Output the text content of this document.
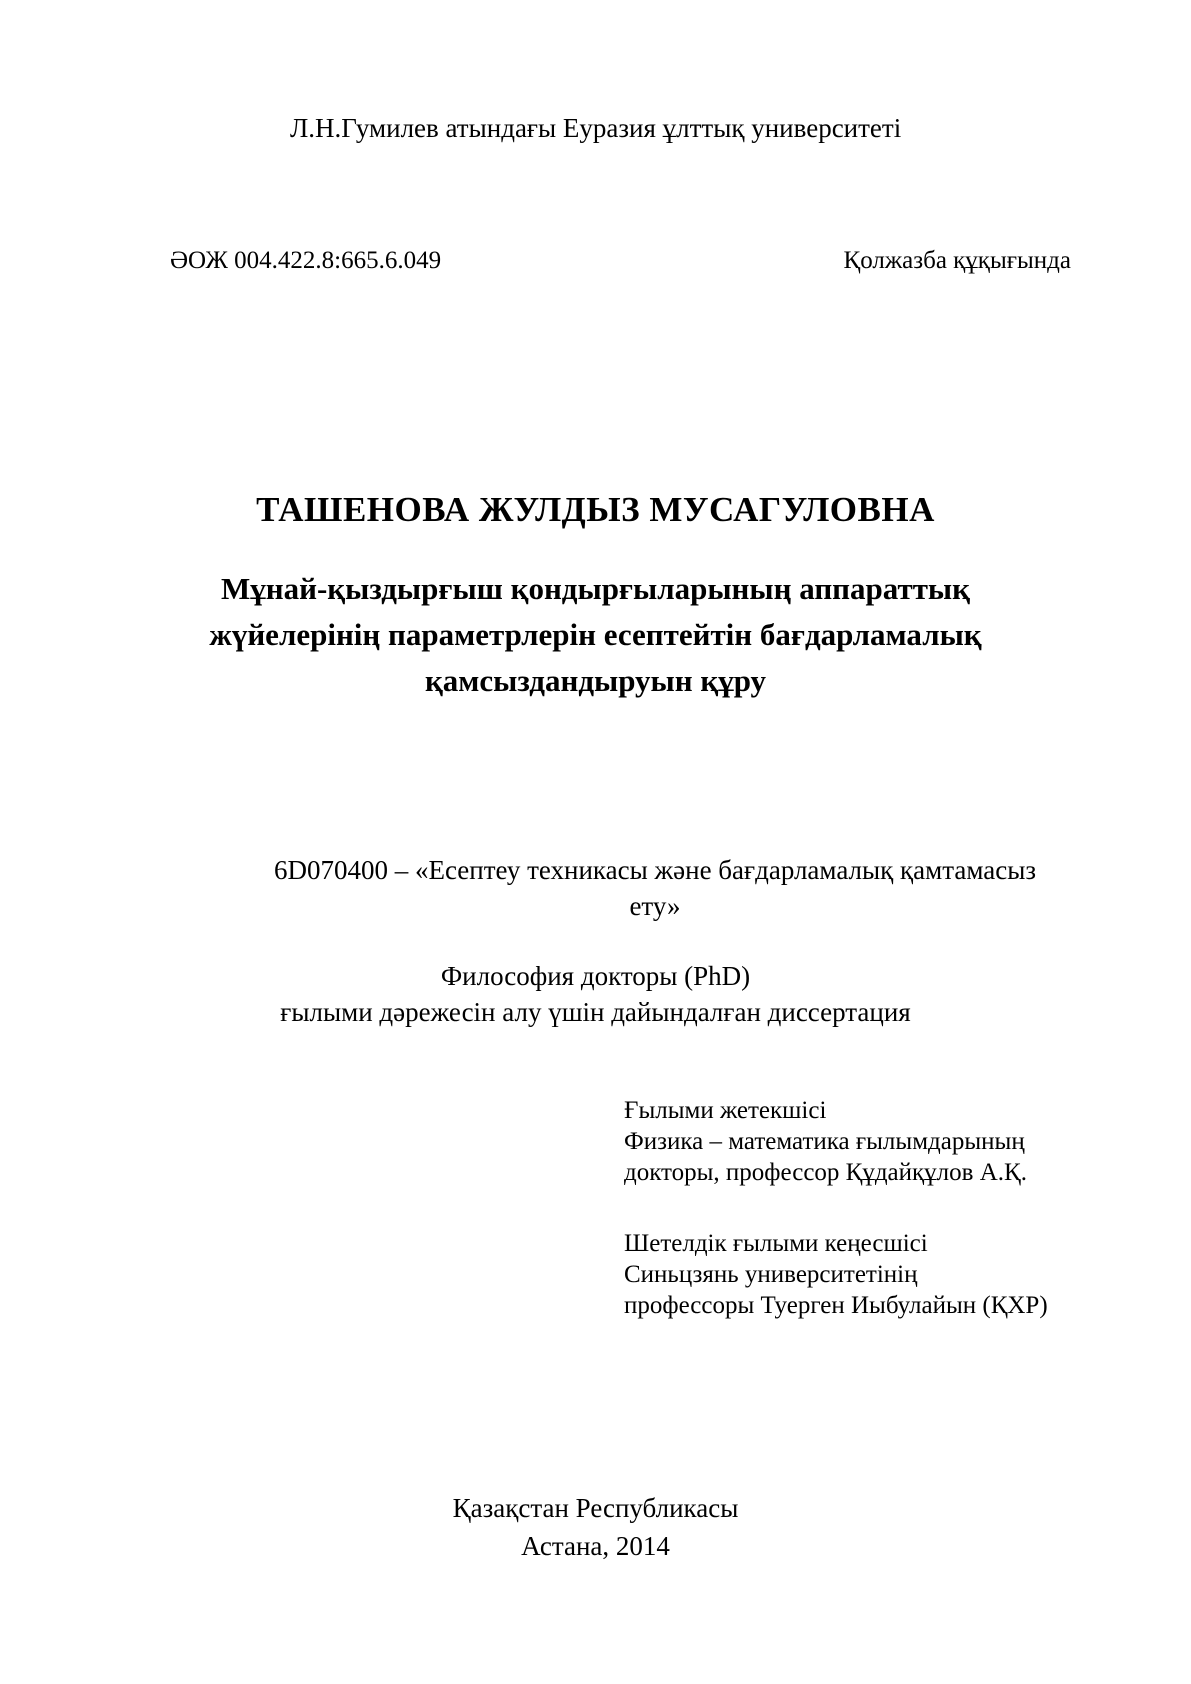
Л.Н.Гумилев атындағы Еуразия ұлттық университеті
ӘОЖ 004.422.8:665.6.049	Қолжазба құқығында
ТАШЕНОВА ЖУЛДЫЗ МУСАГУЛОВНА
Мұнай-қыздырғыш қондырғыларының аппараттық
жүйелерінің параметрлерін есептейтін бағдарламалық
қамсыздандыруын құру
6D070400 – «Есептеу техникасы және бағдарламалық қамтамасыз
ету»
Философия докторы (PhD)
ғылыми дәрежесін алу үшін дайындалған диссертация
Ғылыми жетекшісі
Физика – математика ғылымдарының
докторы, профессор Құдайқұлов А.Қ.
Шетелдік ғылыми кеңесшісі
Синьцзянь университетінің
профессоры Туерген Иыбулайын (ҚХР)
Қазақстан Республикасы
Астана, 2014
